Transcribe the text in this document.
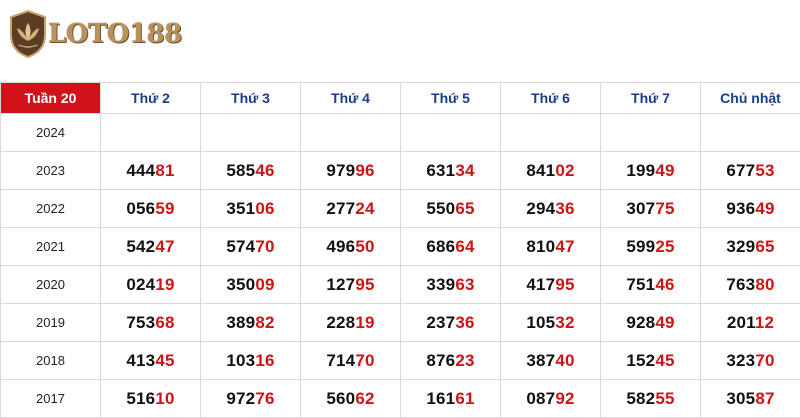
LOTO188
Tuần 20	Thứ 2	Thứ 3	Thứ 4	Thứ 5	Thứ 6	Thứ 7	Chủ nhật
2024							
2023	44481	58546	97996	63134	84102	19949	67753
2022	05659	35106	27724	55065	29436	30775	93649
2021	54247	57470	49650	68664	81047	59925	32965
2020	02419	35009	12795	33963	41795	75146	76380
2019	75368	38982	22819	23736	10532	92849	20112
2018	41345	10316	71470	87623	38740	15245	32370
2017	51610	97276	56062	16161	08792	58255	30587
